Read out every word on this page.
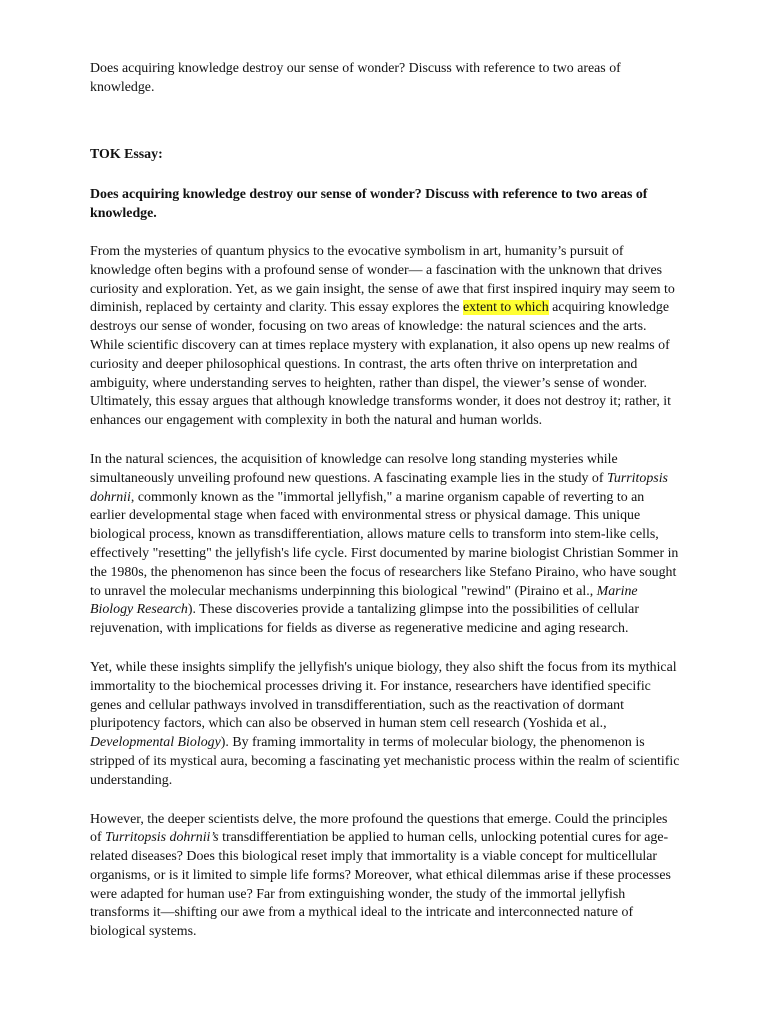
Does acquiring knowledge destroy our sense of wonder? Discuss with reference to two areas of knowledge.

TOK Essay:

Does acquiring knowledge destroy our sense of wonder? Discuss with reference to two areas of knowledge.

From the mysteries of quantum physics to the evocative symbolism in art, humanity’s pursuit of knowledge often begins with a profound sense of wonder— a fascination with the unknown that drives curiosity and exploration. Yet, as we gain insight, the sense of awe that first inspired inquiry may seem to diminish, replaced by certainty and clarity. This essay explores the extent to which acquiring knowledge destroys our sense of wonder, focusing on two areas of knowledge: the natural sciences and the arts. While scientific discovery can at times replace mystery with explanation, it also opens up new realms of curiosity and deeper philosophical questions. In contrast, the arts often thrive on interpretation and ambiguity, where understanding serves to heighten, rather than dispel, the viewer’s sense of wonder. Ultimately, this essay argues that although knowledge transforms wonder, it does not destroy it; rather, it enhances our engagement with complexity in both the natural and human worlds.

In the natural sciences, the acquisition of knowledge can resolve long standing mysteries while simultaneously unveiling profound new questions. A fascinating example lies in the study of Turritopsis dohrnii, commonly known as the "immortal jellyfish," a marine organism capable of reverting to an earlier developmental stage when faced with environmental stress or physical damage. This unique biological process, known as transdifferentiation, allows mature cells to transform into stem-like cells, effectively "resetting" the jellyfish's life cycle. First documented by marine biologist Christian Sommer in the 1980s, the phenomenon has since been the focus of researchers like Stefano Piraino, who have sought to unravel the molecular mechanisms underpinning this biological "rewind" (Piraino et al., Marine Biology Research). These discoveries provide a tantalizing glimpse into the possibilities of cellular rejuvenation, with implications for fields as diverse as regenerative medicine and aging research.

Yet, while these insights simplify the jellyfish's unique biology, they also shift the focus from its mythical immortality to the biochemical processes driving it. For instance, researchers have identified specific genes and cellular pathways involved in transdifferentiation, such as the reactivation of dormant pluripotency factors, which can also be observed in human stem cell research (Yoshida et al., Developmental Biology). By framing immortality in terms of molecular biology, the phenomenon is stripped of its mystical aura, becoming a fascinating yet mechanistic process within the realm of scientific understanding.

However, the deeper scientists delve, the more profound the questions that emerge. Could the principles of Turritopsis dohrnii’s transdifferentiation be applied to human cells, unlocking potential cures for age-related diseases? Does this biological reset imply that immortality is a viable concept for multicellular organisms, or is it limited to simple life forms? Moreover, what ethical dilemmas arise if these processes were adapted for human use? Far from extinguishing wonder, the study of the immortal jellyfish transforms it—shifting our awe from a mythical ideal to the intricate and interconnected nature of biological systems.
